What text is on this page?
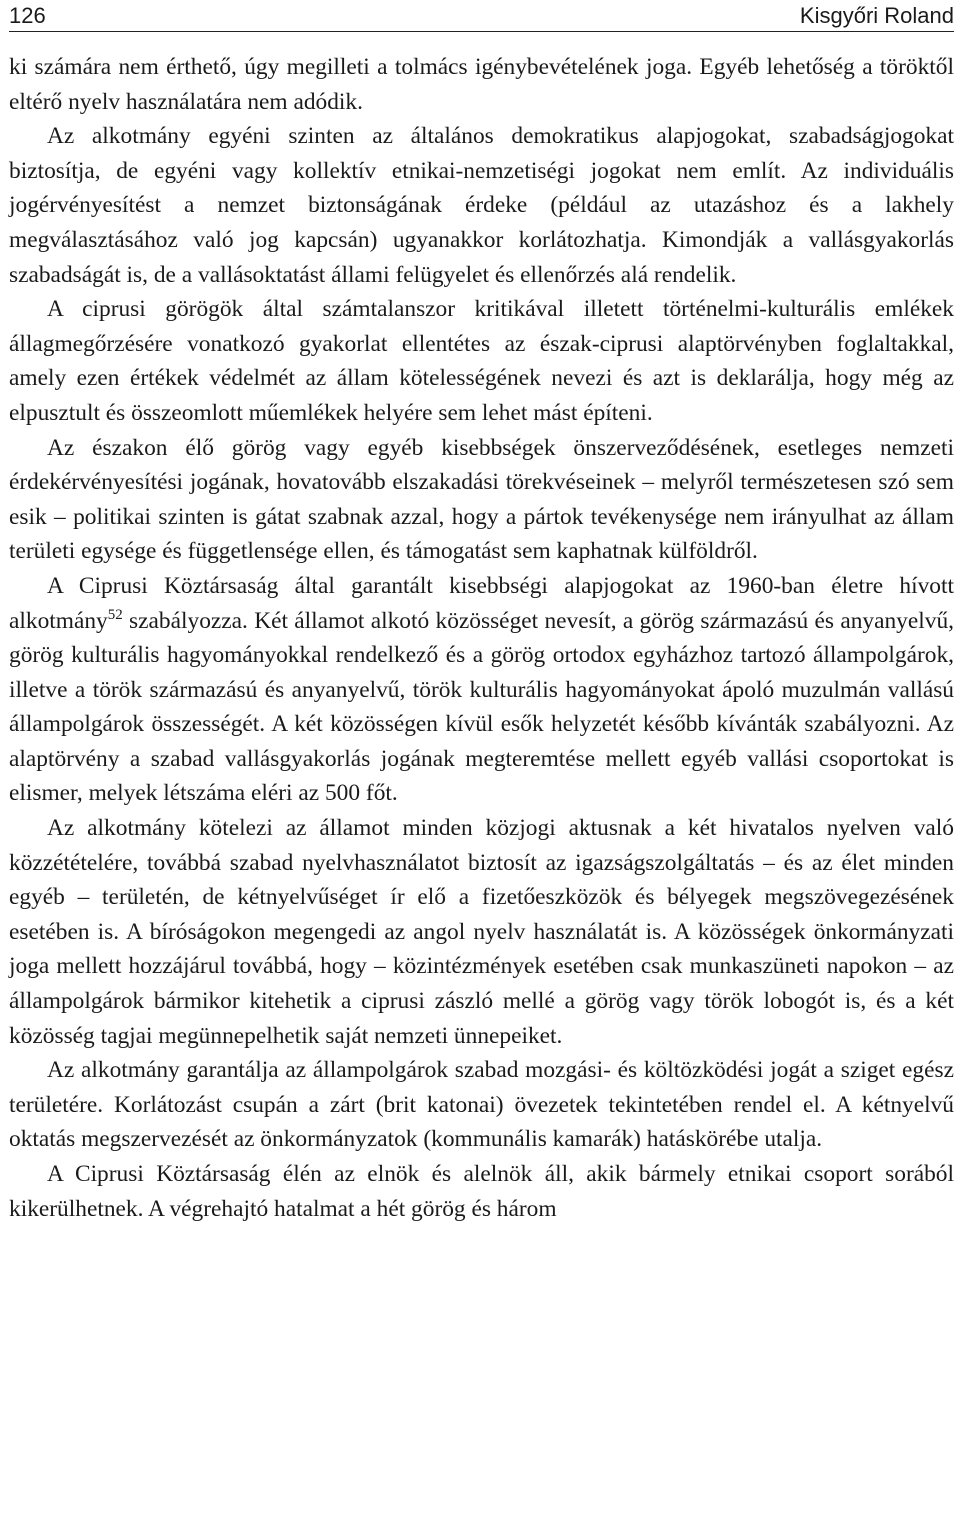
126	Kisgyőri Roland

ki számára nem érthető, úgy megilleti a tolmács igénybevételének joga. Egyéb lehetőség a töröktől eltérő nyelv használatára nem adódik.

Az alkotmány egyéni szinten az általános demokratikus alapjogokat, szabadságjogokat biztosítja, de egyéni vagy kollektív etnikai-nemzetiségi jogokat nem említ. Az individuális jogérvényesítést a nemzet biztonságának érdeke (például az utazáshoz és a lakhely megválasztásához való jog kapcsán) ugyanakkor korlátozhatja. Kimondják a vallásgyakorlás szabadságát is, de a vallásoktatást állami felügyelet és ellenőrzés alá rendelik.

A ciprusi görögök által számtalanszor kritikával illetett történelmi-kulturális emlékek állagmegőrzésére vonatkozó gyakorlat ellentétes az észak-ciprusi alaptörvényben foglaltakkal, amely ezen értékek védelmét az állam kötelességének nevezi és azt is deklarálja, hogy még az elpusztult és összeomlott műemlékek helyére sem lehet mást építeni.

Az északon élő görög vagy egyéb kisebbségek önszerveződésének, esetleges nemzeti érdekérvényesítési jogának, hovatovább elszakadási törekvéseinek – melyről természetesen szó sem esik – politikai szinten is gátat szabnak azzal, hogy a pártok tevékenysége nem irányulhat az állam területi egysége és függetlensége ellen, és támogatást sem kaphatnak külföldről.

A Ciprusi Köztársaság által garantált kisebbségi alapjogokat az 1960-ban életre hívott alkotmány$^{52}$ szabályozza. Két államot alkotó közösséget nevesít, a görög származású és anyanyelvű, görög kulturális hagyományokkal rendelkező és a görög ortodox egyházhoz tartozó állampolgárok, illetve a török származású és anyanyelvű, török kulturális hagyományokat ápoló muzulmán vallású állampolgárok összességét. A két közösségen kívül esők helyzetét később kívánták szabályozni. Az alaptörvény a szabad vallásgyakorlás jogának megteremtése mellett egyéb vallási csoportokat is elismer, melyek létszáma eléri az 500 főt.

Az alkotmány kötelezi az államot minden közjogi aktusnak a két hivatalos nyelven való közzétételére, továbbá szabad nyelvhasználatot biztosít az igazságszolgáltatás – és az élet minden egyéb – területén, de kétnyelvűséget ír elő a fizetőeszközök és bélyegek megszövegezésének esetében is. A bíróságokon megengedi az angol nyelv használatát is. A közösségek önkormányzati joga mellett hozzájárul továbbá, hogy – közintézmények esetében csak munkaszüneti napokon – az állampolgárok bármikor kitehetik a ciprusi zászló mellé a görög vagy török lobogót is, és a két közösség tagjai megünnepelhetik saját nemzeti ünnepeiket.

Az alkotmány garantálja az állampolgárok szabad mozgási- és költözködési jogát a sziget egész területére. Korlátozást csupán a zárt (brit katonai) övezetek tekintetében rendel el. A kétnyelvű oktatás megszervezését az önkormányzatok (kommunális kamarák) hatáskörébe utalja.

A Ciprusi Köztársaság élén az elnök és alelnök áll, akik bármely etnikai csoport sorából kikerülhetnek. A végrehajtó hatalmat a hét görög és három
